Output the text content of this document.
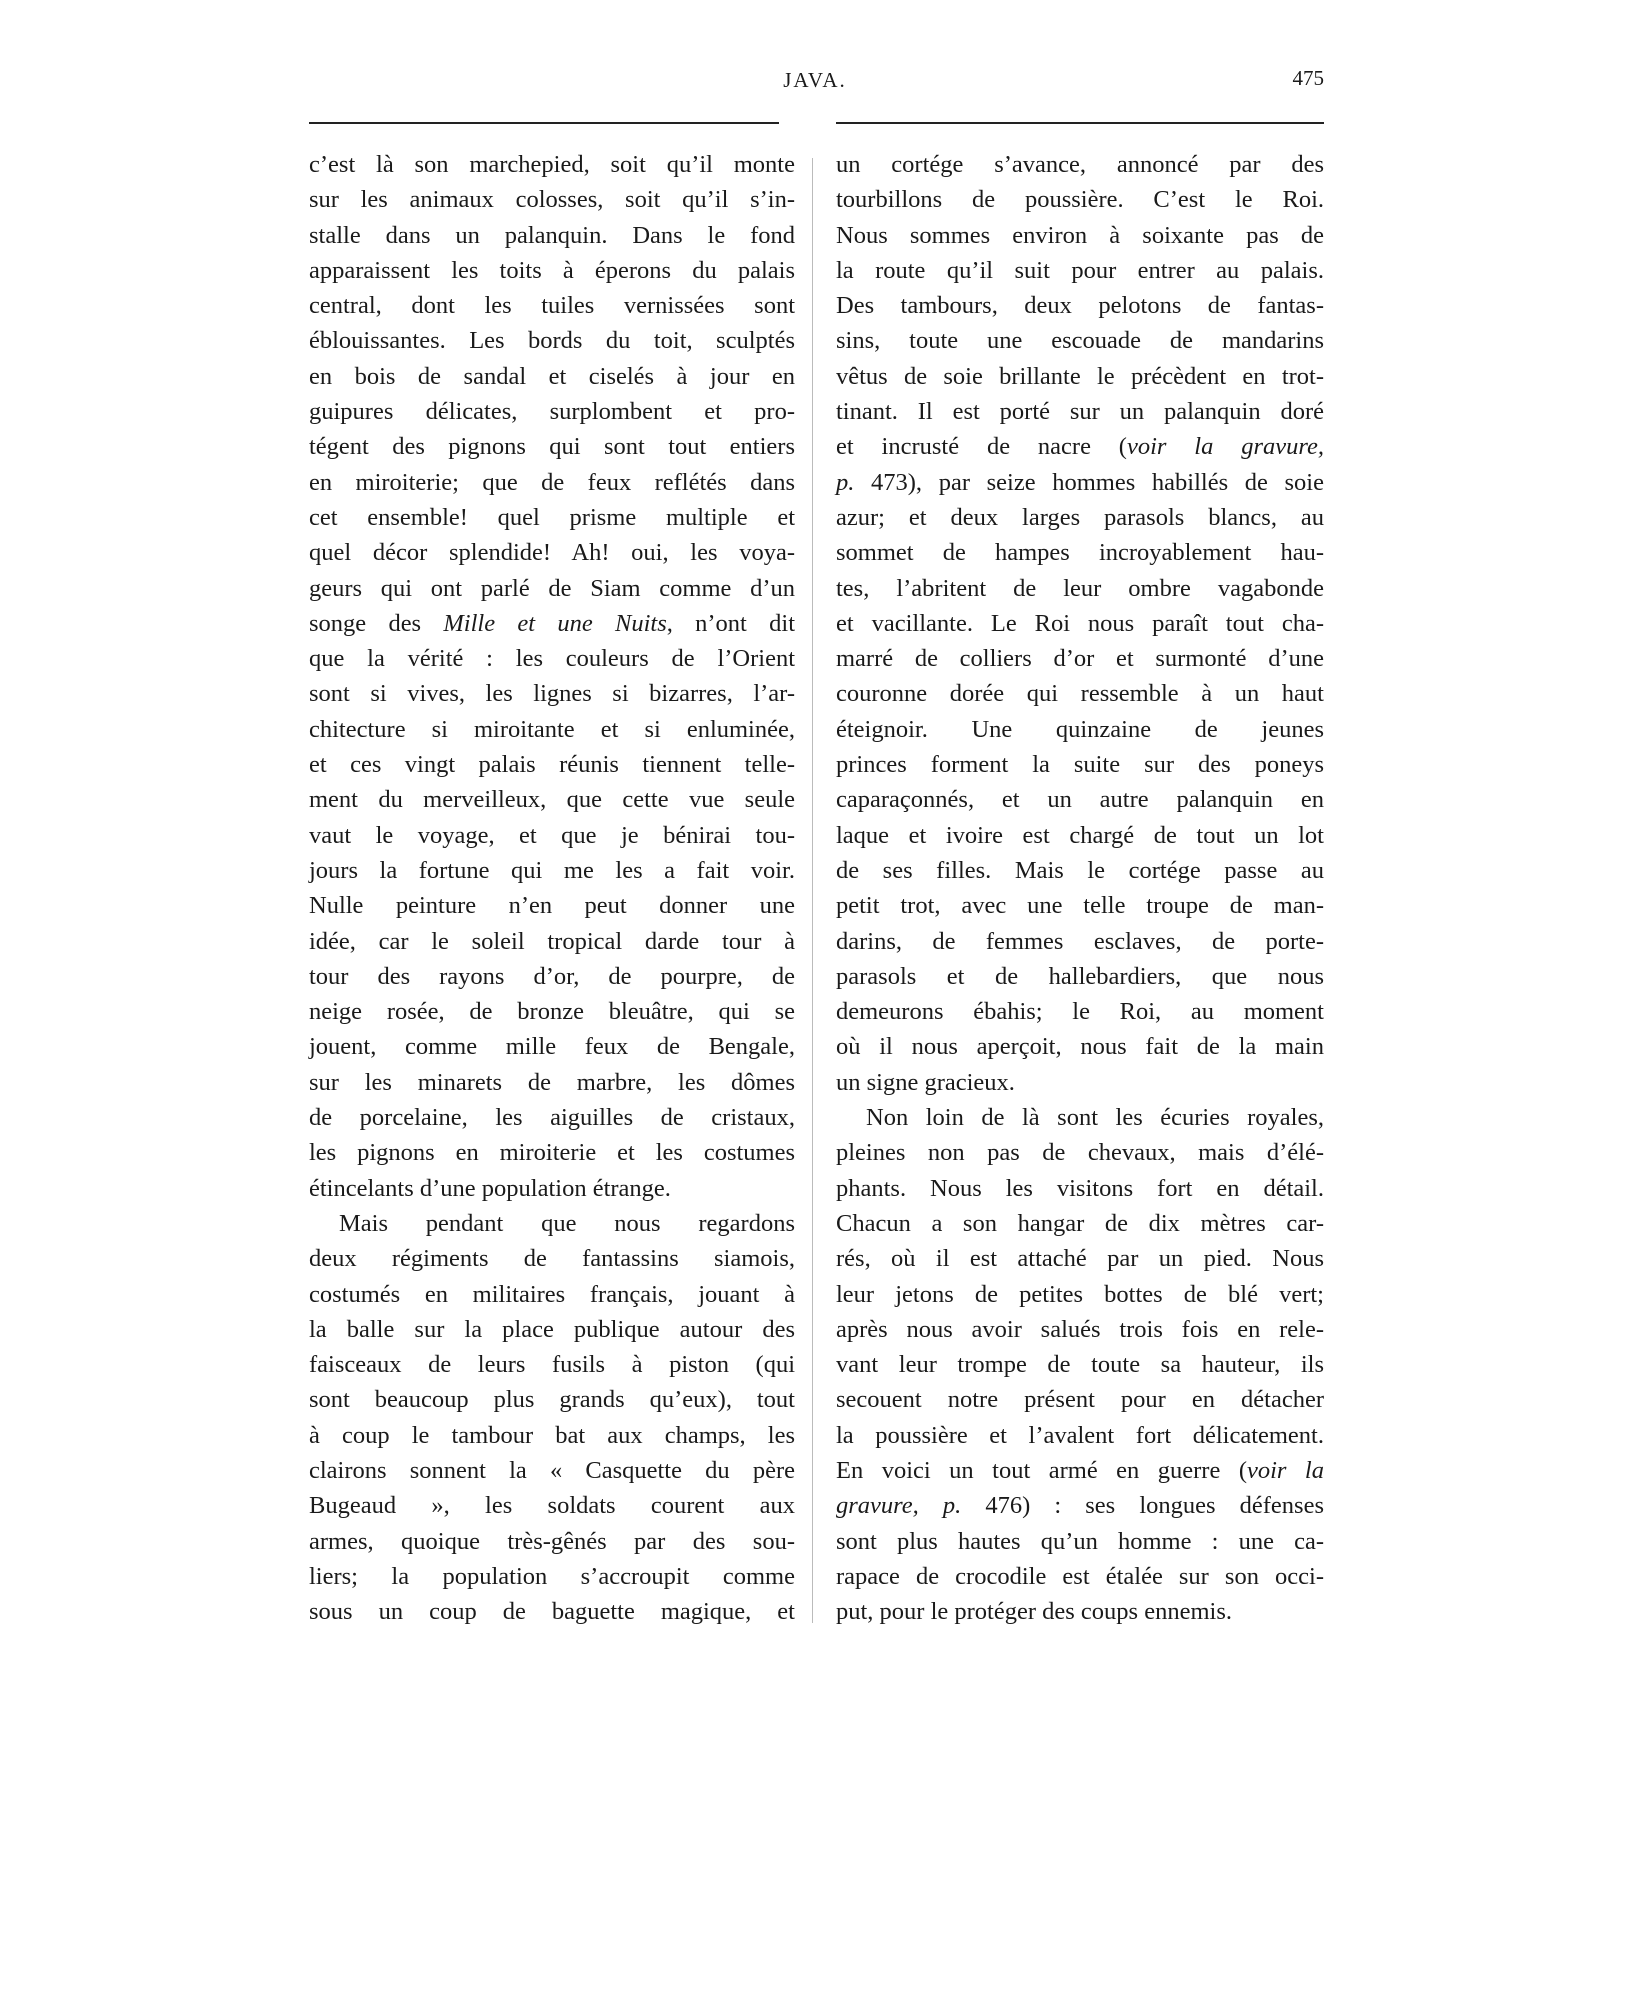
JAVA.	475
c’est là son marchepied, soit qu’il monte
sur les animaux colosses, soit qu’il s’in-
stalle dans un palanquin. Dans le fond
apparaissent les toits à éperons du palais
central, dont les tuiles vernissées sont
éblouissantes. Les bords du toit, sculptés
en bois de sandal et ciselés à jour en
guipures délicates, surplombent et pro-
tégent des pignons qui sont tout entiers
en miroiterie; que de feux reflétés dans
cet ensemble! quel prisme multiple et
quel décor splendide! Ah! oui, les voya-
geurs qui ont parlé de Siam comme d’un
songe des Mille et une Nuits, n’ont dit
que la vérité : les couleurs de l’Orient
sont si vives, les lignes si bizarres, l’ar-
chitecture si miroitante et si enluminée,
et ces vingt palais réunis tiennent telle-
ment du merveilleux, que cette vue seule
vaut le voyage, et que je bénirai tou-
jours la fortune qui me les a fait voir.
Nulle peinture n’en peut donner une
idée, car le soleil tropical darde tour à
tour des rayons d’or, de pourpre, de
neige rosée, de bronze bleuâtre, qui se
jouent, comme mille feux de Bengale,
sur les minarets de marbre, les dômes
de porcelaine, les aiguilles de cristaux,
les pignons en miroiterie et les costumes
étincelants d’une population étrange.
Mais pendant que nous regardons
deux régiments de fantassins siamois,
costumés en militaires français, jouant à
la balle sur la place publique autour des
faisceaux de leurs fusils à piston (qui
sont beaucoup plus grands qu’eux), tout
à coup le tambour bat aux champs, les
clairons sonnent la « Casquette du père
Bugeaud », les soldats courent aux
armes, quoique très-gênés par des sou-
liers; la population s’accroupit comme
sous un coup de baguette magique, et
un cortége s’avance, annoncé par des
tourbillons de poussière. C’est le Roi.
Nous sommes environ à soixante pas de
la route qu’il suit pour entrer au palais.
Des tambours, deux pelotons de fantas-
sins, toute une escouade de mandarins
vêtus de soie brillante le précèdent en trot-
tinant. Il est porté sur un palanquin doré
et incrusté de nacre (voir la gravure,
p. 473), par seize hommes habillés de soie
azur; et deux larges parasols blancs, au
sommet de hampes incroyablement hau-
tes, l’abritent de leur ombre vagabonde
et vacillante. Le Roi nous paraît tout cha-
marré de colliers d’or et surmonté d’une
couronne dorée qui ressemble à un haut
éteignoir. Une quinzaine de jeunes
princes forment la suite sur des poneys
caparaçonnés, et un autre palanquin en
laque et ivoire est chargé de tout un lot
de ses filles. Mais le cortége passe au
petit trot, avec une telle troupe de man-
darins, de femmes esclaves, de porte-
parasols et de hallebardiers, que nous
demeurons ébahis; le Roi, au moment
où il nous aperçoit, nous fait de la main
un signe gracieux.
Non loin de là sont les écuries royales,
pleines non pas de chevaux, mais d’élé-
phants. Nous les visitons fort en détail.
Chacun a son hangar de dix mètres car-
rés, où il est attaché par un pied. Nous
leur jetons de petites bottes de blé vert;
après nous avoir salués trois fois en rele-
vant leur trompe de toute sa hauteur, ils
secouent notre présent pour en détacher
la poussière et l’avalent fort délicatement.
En voici un tout armé en guerre (voir la
gravure, p. 476) : ses longues défenses
sont plus hautes qu’un homme : une ca-
rapace de crocodile est étalée sur son occi-
put, pour le protéger des coups ennemis.
